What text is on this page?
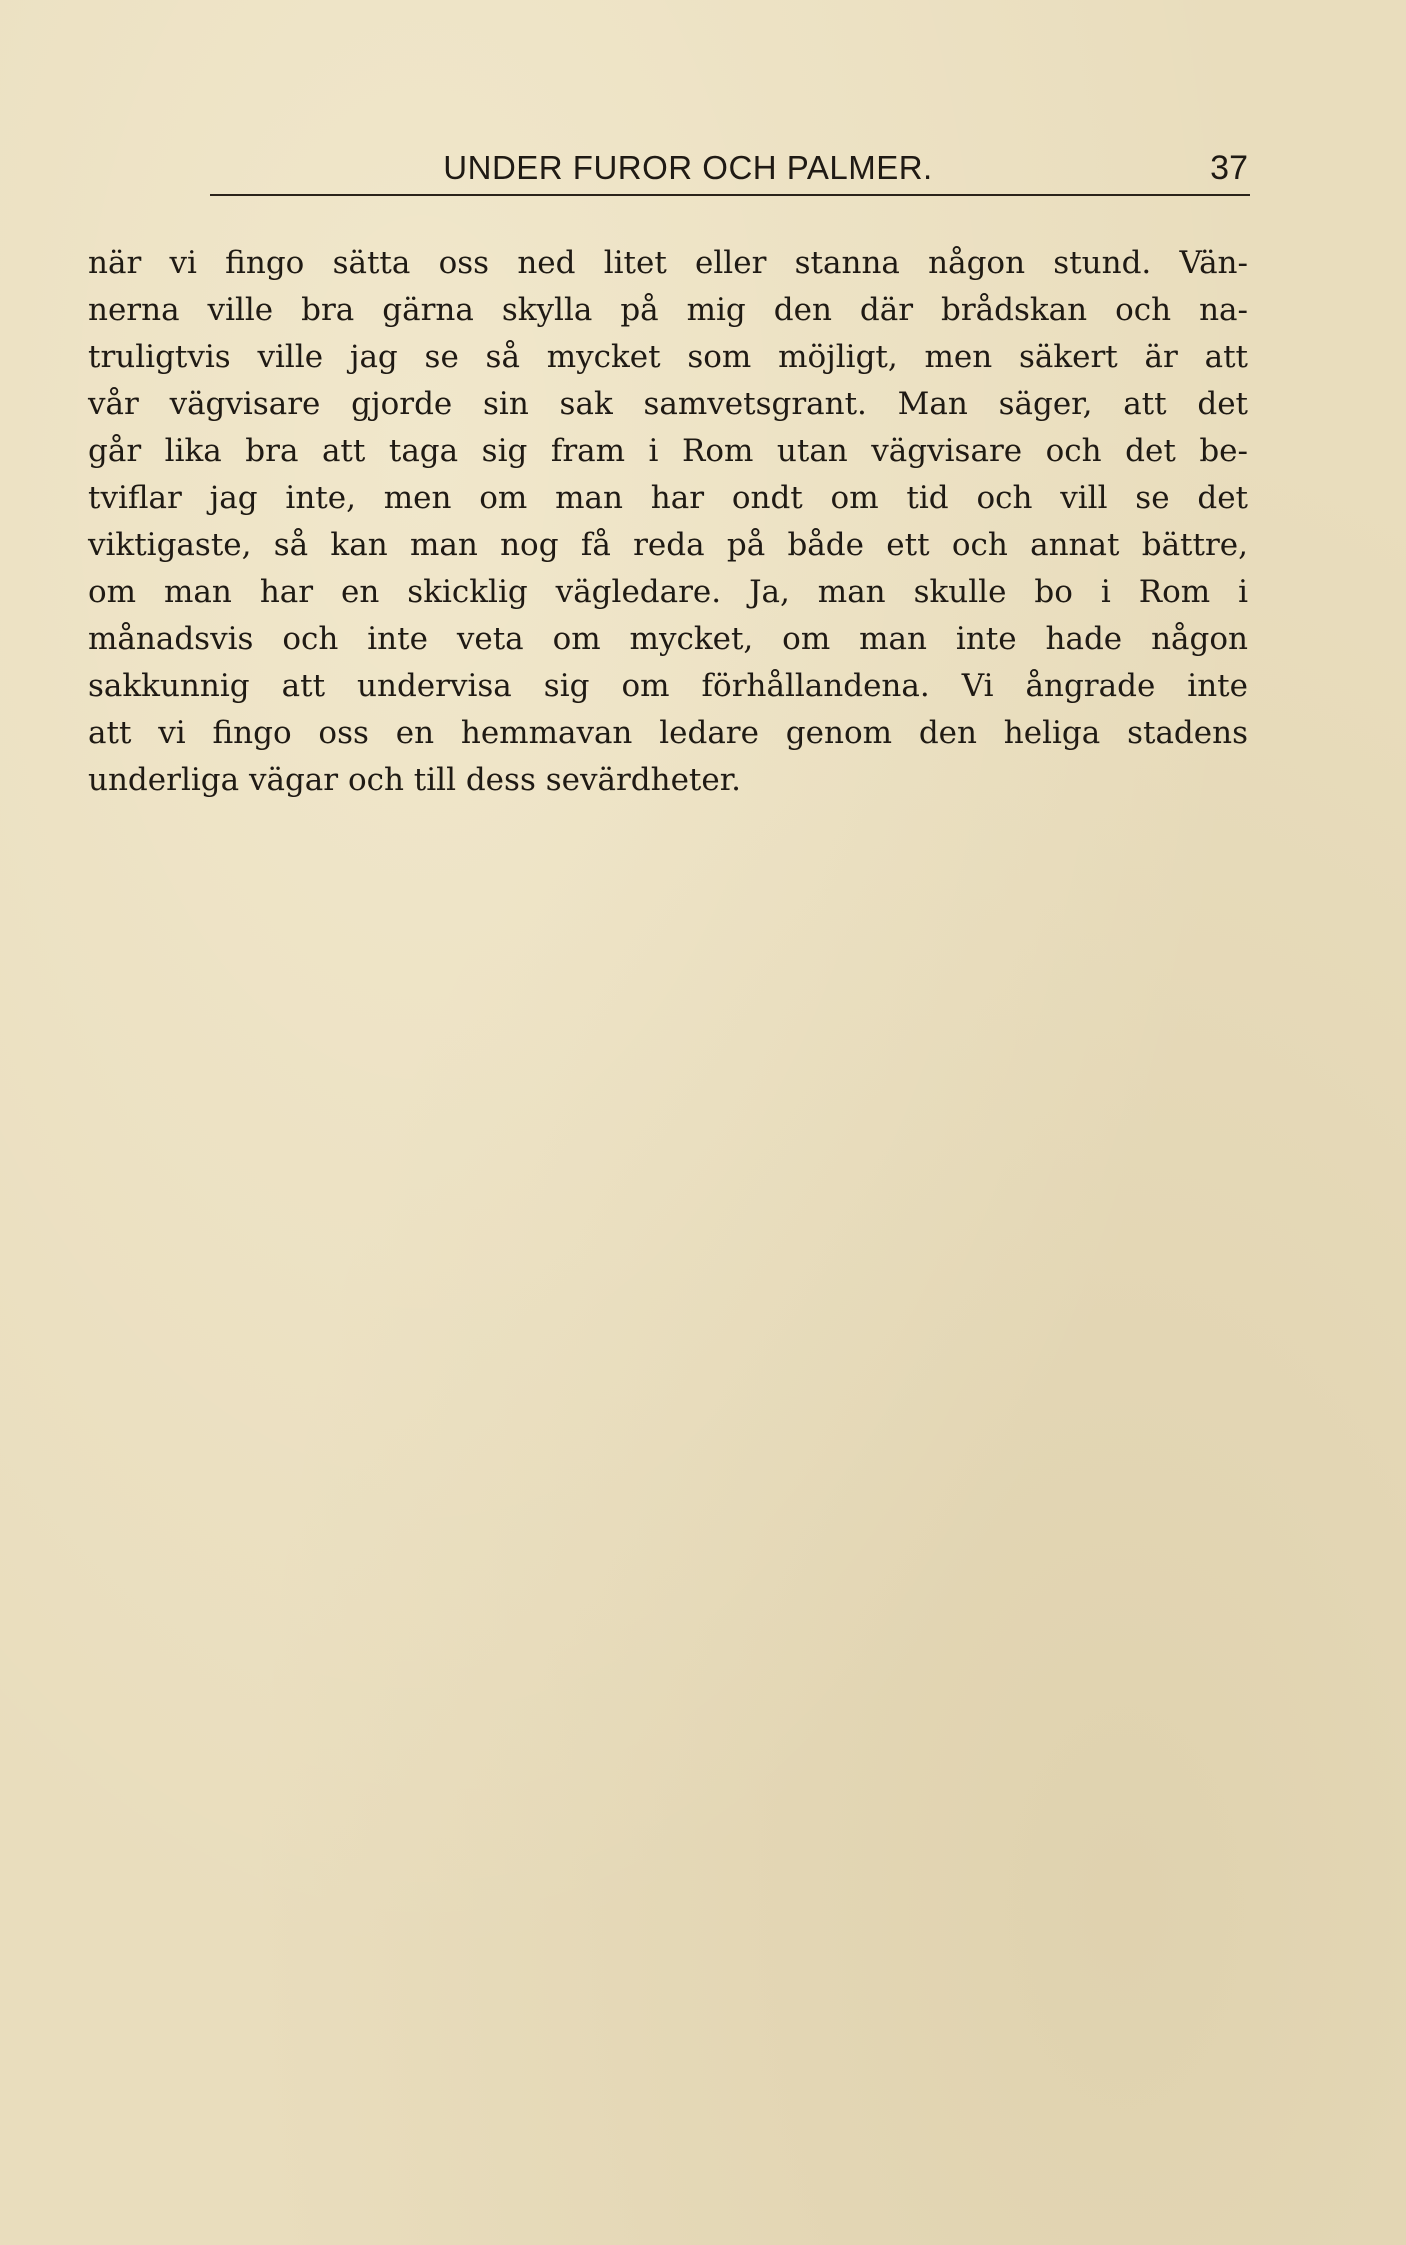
UNDER FUROR OCH PALMER.	37
när vi fingo sätta oss ned litet eller stanna någon stund. Vän-
nerna ville bra gärna skylla på mig den där brådskan och na-
truligtvis ville jag se så mycket som möjligt, men säkert är att
vår vägvisare gjorde sin sak samvetsgrant. Man säger, att det
går lika bra att taga sig fram i Rom utan vägvisare och det be-
tviflar jag inte, men om man har ondt om tid och vill se det
viktigaste, så kan man nog få reda på både ett och annat bättre,
om man har en skicklig vägledare. Ja, man skulle bo i Rom i
månadsvis och inte veta om mycket, om man inte hade någon
sakkunnig att undervisa sig om förhållandena. Vi ångrade inte
att vi fingo oss en hemmavan ledare genom den heliga stadens
underliga vägar och till dess sevärdheter.
